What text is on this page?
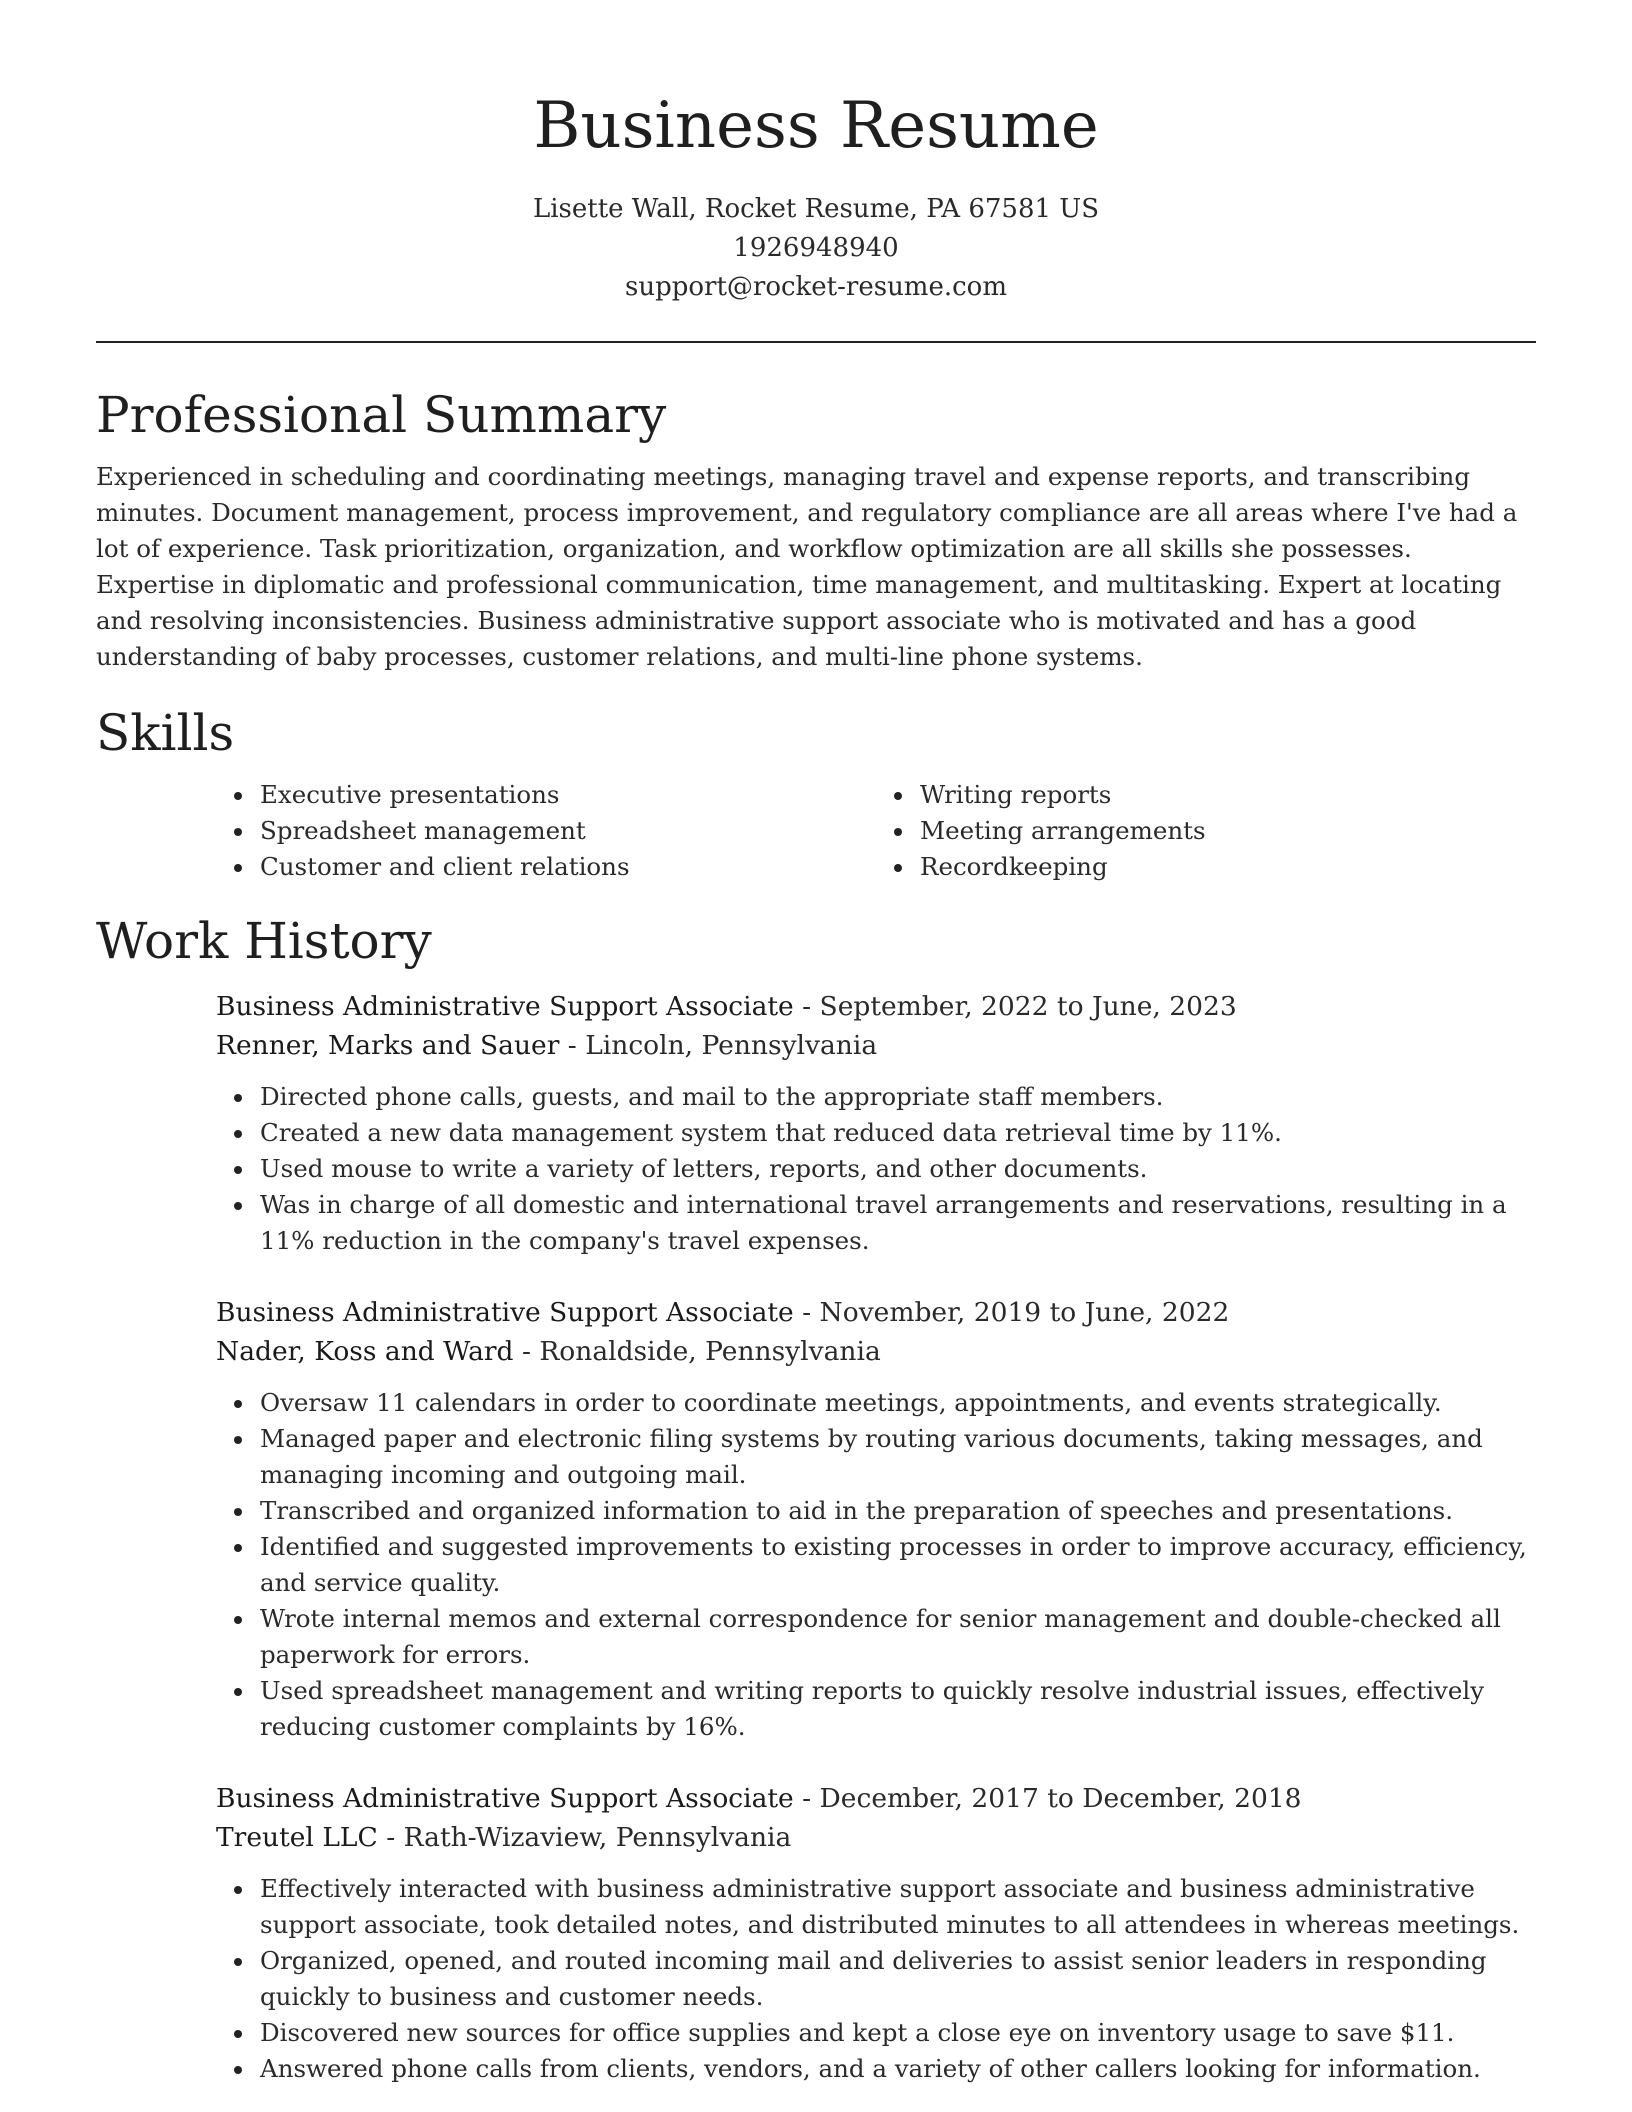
Business Resume
Lisette Wall, Rocket Resume, PA 67581 US
1926948940
support@rocket-resume.com
Professional Summary

Experienced in scheduling and coordinating meetings, managing travel and expense reports, and transcribing minutes. Document management, process improvement, and regulatory compliance are all areas where I've had a lot of experience. Task prioritization, organization, and workflow optimization are all skills she possesses. Expertise in diplomatic and professional communication, time management, and multitasking. Expert at locating and resolving inconsistencies. Business administrative support associate who is motivated and has a good understanding of baby processes, customer relations, and multi-line phone systems.

Skills
Executive presentations
Spreadsheet management
Customer and client relations
Writing reports
Meeting arrangements
Recordkeeping
Work History
Business Administrative Support Associate - September, 2022 to June, 2023
Renner, Marks and Sauer - Lincoln, Pennsylvania
Directed phone calls, guests, and mail to the appropriate staff members.
Created a new data management system that reduced data retrieval time by 11%.
Used mouse to write a variety of letters, reports, and other documents.
Was in charge of all domestic and international travel arrangements and reservations, resulting in a 11% reduction in the company's travel expenses.
Business Administrative Support Associate - November, 2019 to June, 2022
Nader, Koss and Ward - Ronaldside, Pennsylvania
Oversaw 11 calendars in order to coordinate meetings, appointments, and events strategically.
Managed paper and electronic filing systems by routing various documents, taking messages, and managing incoming and outgoing mail.
Transcribed and organized information to aid in the preparation of speeches and presentations.
Identified and suggested improvements to existing processes in order to improve accuracy, efficiency, and service quality.
Wrote internal memos and external correspondence for senior management and double-checked all paperwork for errors.
Used spreadsheet management and writing reports to quickly resolve industrial issues, effectively reducing customer complaints by 16%.
Business Administrative Support Associate - December, 2017 to December, 2018
Treutel LLC - Rath-Wizaview, Pennsylvania
Effectively interacted with business administrative support associate and business administrative support associate, took detailed notes, and distributed minutes to all attendees in whereas meetings.
Organized, opened, and routed incoming mail and deliveries to assist senior leaders in responding quickly to business and customer needs.
Discovered new sources for office supplies and kept a close eye on inventory usage to save $11.
Answered phone calls from clients, vendors, and a variety of other callers looking for information.
